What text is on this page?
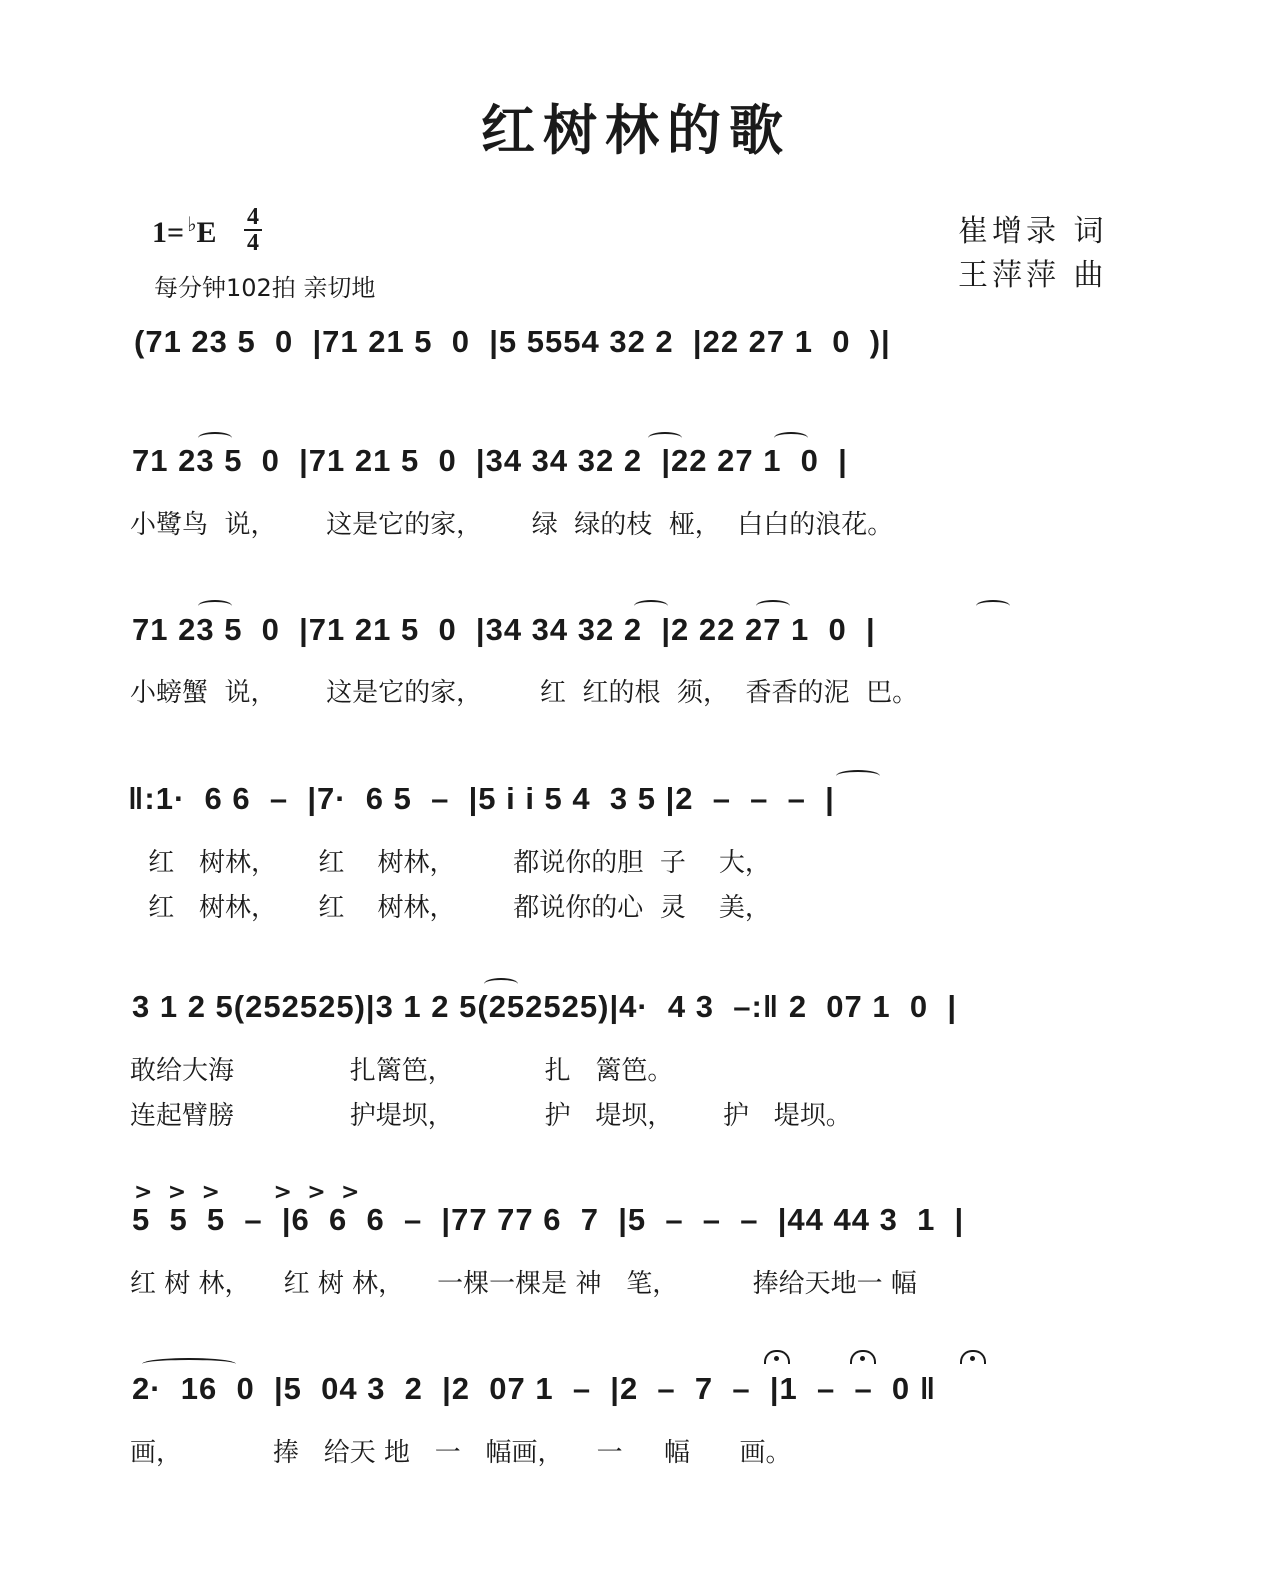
红树林的歌
1= ♭E 4
4
每分钟102拍 亲切地
崔增录 词
王萍萍 曲
(71 23 5  0  |71 21 5  0  |5 5554 32 2  |22 27 1  0  )|
71 23 5  0  |71 21 5  0  |34 34 32 2  |22 27 1  0  |
小鹭鸟  说，      这是它的家，      绿  绿的枝  桠，  白白的浪花。
71 23 5  0  |71 21 5  0  |34 34 32 2  |2 22 27 1  0  |
小螃蟹  说，      这是它的家，       红  红的根  须，  香香的泥  巴。
‖:1·  6 6  –  |7·  6 5  –  |5 i i 5 4  3 5 |2  –  –  –  |
红   树林，     红    树林，       都说你的胆  子    大，
红   树林，     红    树林，       都说你的心  灵    美，
3 1 2 5(252525)|3 1 2 5(252525)|4·  4 3  –:‖ 2  07 1  0  |
敢给大海              扎篱笆，           扎   篱笆。
连起臂膀              护堤坝，           护   堤坝，      护   堤坝。
>  >  >       >  >  >
5  5  5  –  |6  6  6  –  |77 77 6  7  |5  –  –  –  |44 44 3  1  |
红 树 林，    红 树 林，    一棵一棵是 神   笔，         捧给天地一 幅
2·  16  0  |5  04 3  2  |2  07 1  –  |2  –  7  –  |1  –  –  0 ‖
画，           捧   给天 地   一   幅画，    一     幅      画。
